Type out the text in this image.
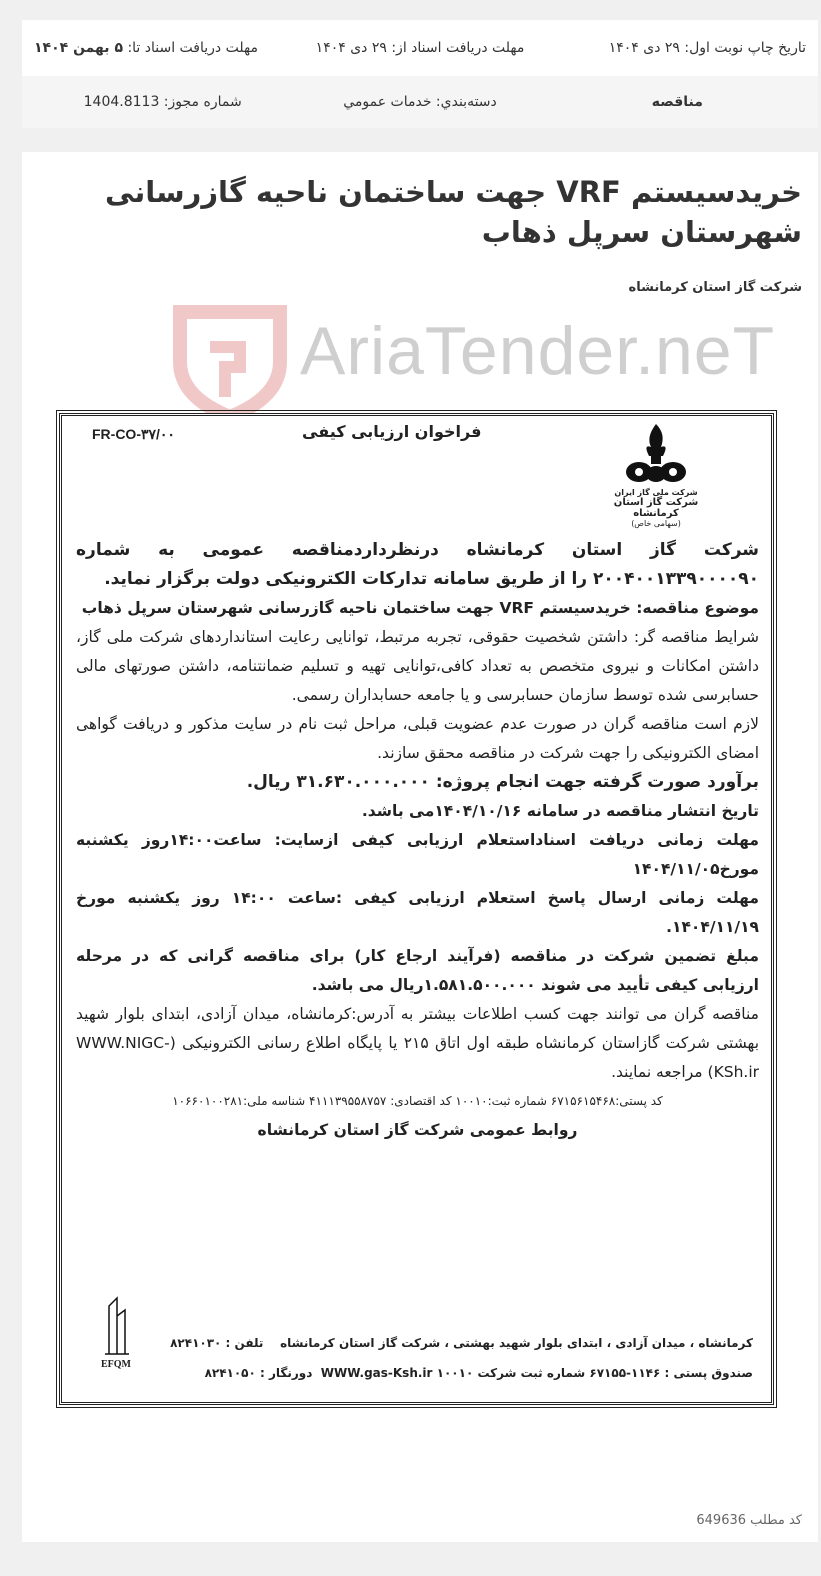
تاریخ چاپ نوبت اول: ۲۹ دی ۱۴۰۴
مهلت دریافت اسناد از: ۲۹ دی ۱۴۰۴
مهلت دریافت اسناد تا: ۵ بهمن ۱۴۰۴
مناقصه
دسته‌بندي: خدمات عمومي
شماره مجوز: 1404.8113
خریدسیستم VRF جهت ساختمان ناحیه گازرسانی شهرستان سرپل ذهاب
شرکت گاز استان کرمانشاه
AriaTender.neT
FR-CO-۳۷/۰۰	فراخوان ارزیابی کیفی
شرکت ملی گاز ایران
شرکت گاز استان کرمانشاه
(سهامی خاص)

شرکت گاز استان کرمانشاه درنظرداردمناقصه عمومی به شماره ۲۰۰۴۰۰۱۳۳۹۰۰۰۰۹۰ را از طریق سامانه تدارکات الکترونیکی دولت برگزار نماید.

موضوع مناقصه: خریدسیستم VRF جهت ساختمان ناحیه گازرسانی شهرستان سرپل ذهاب

شرایط مناقصه گر: داشتن شخصیت حقوقی، تجربه مرتبط، توانایی رعایت استانداردهای شرکت ملی گاز، داشتن امکانات و نیروی متخصص به تعداد کافی،توانایی تهیه و تسلیم ضمانتنامه، داشتن صورتهای مالی حسابرسی شده توسط سازمان حسابرسی و یا جامعه حسابداران رسمی.

لازم است مناقصه گران در صورت عدم عضویت قبلی، مراحل ثبت نام در سایت مذکور و دریافت گواهی امضای الکترونیکی را جهت شرکت در مناقصه محقق سازند.

برآورد صورت گرفته جهت انجام پروژه: ۳۱.۶۳۰.۰۰۰.۰۰۰ ریال.

تاریخ انتشار مناقصه در سامانه ۱۴۰۴/۱۰/۱۶می باشد.

مهلت زمانی دریافت اسناداستعلام ارزیابی کیفی ازسایت: ساعت۱۴:۰۰روز یکشنبه مورخ۱۴۰۴/۱۱/۰۵

مهلت زمانی ارسال پاسخ استعلام ارزیابی کیفی :ساعت ۱۴:۰۰ روز یکشنبه مورخ ۱۴۰۴/۱۱/۱۹.

مبلغ تضمین شرکت در مناقصه (فرآیند ارجاع کار) برای مناقصه گرانی که در مرحله ارزیابی کیفی تأیید می شوند ۱.۵۸۱.۵۰۰.۰۰۰ریال می باشد.

مناقصه گران می توانند جهت کسب اطلاعات بیشتر به آدرس:کرمانشاه، میدان آزادی، ابتدای بلوار شهید بهشتی شرکت گازاستان کرمانشاه طبقه اول اتاق ۲۱۵ یا پایگاه اطلاع رسانی الکترونیکی (WWW.NIGC-KSh.ir) مراجعه نمایند.

کد پستی:۶۷۱۵۶۱۵۴۶۸ شماره ثبت:۱۰۰۱۰ کد اقتصادی: ۴۱۱۱۳۹۵۵۸۷۵۷ شناسه ملی:۱۰۶۶۰۱۰۰۲۸۱

روابط عمومی شرکت گاز استان کرمانشاه

EFQM
کرمانشاه ، میدان آزادی ، ابتدای بلوار شهید بهشتی ، شرکت گاز استان کرمانشاه    تلفن : ۸۲۴۱۰۳۰
صندوق پستی : ۱۱۴۶-۶۷۱۵۵ شماره ثبت شرکت ۱۰۰۱۰ WWW.gas-Ksh.ir  دورنگار : ۸۲۴۱۰۵۰
کد مطلب 649636
